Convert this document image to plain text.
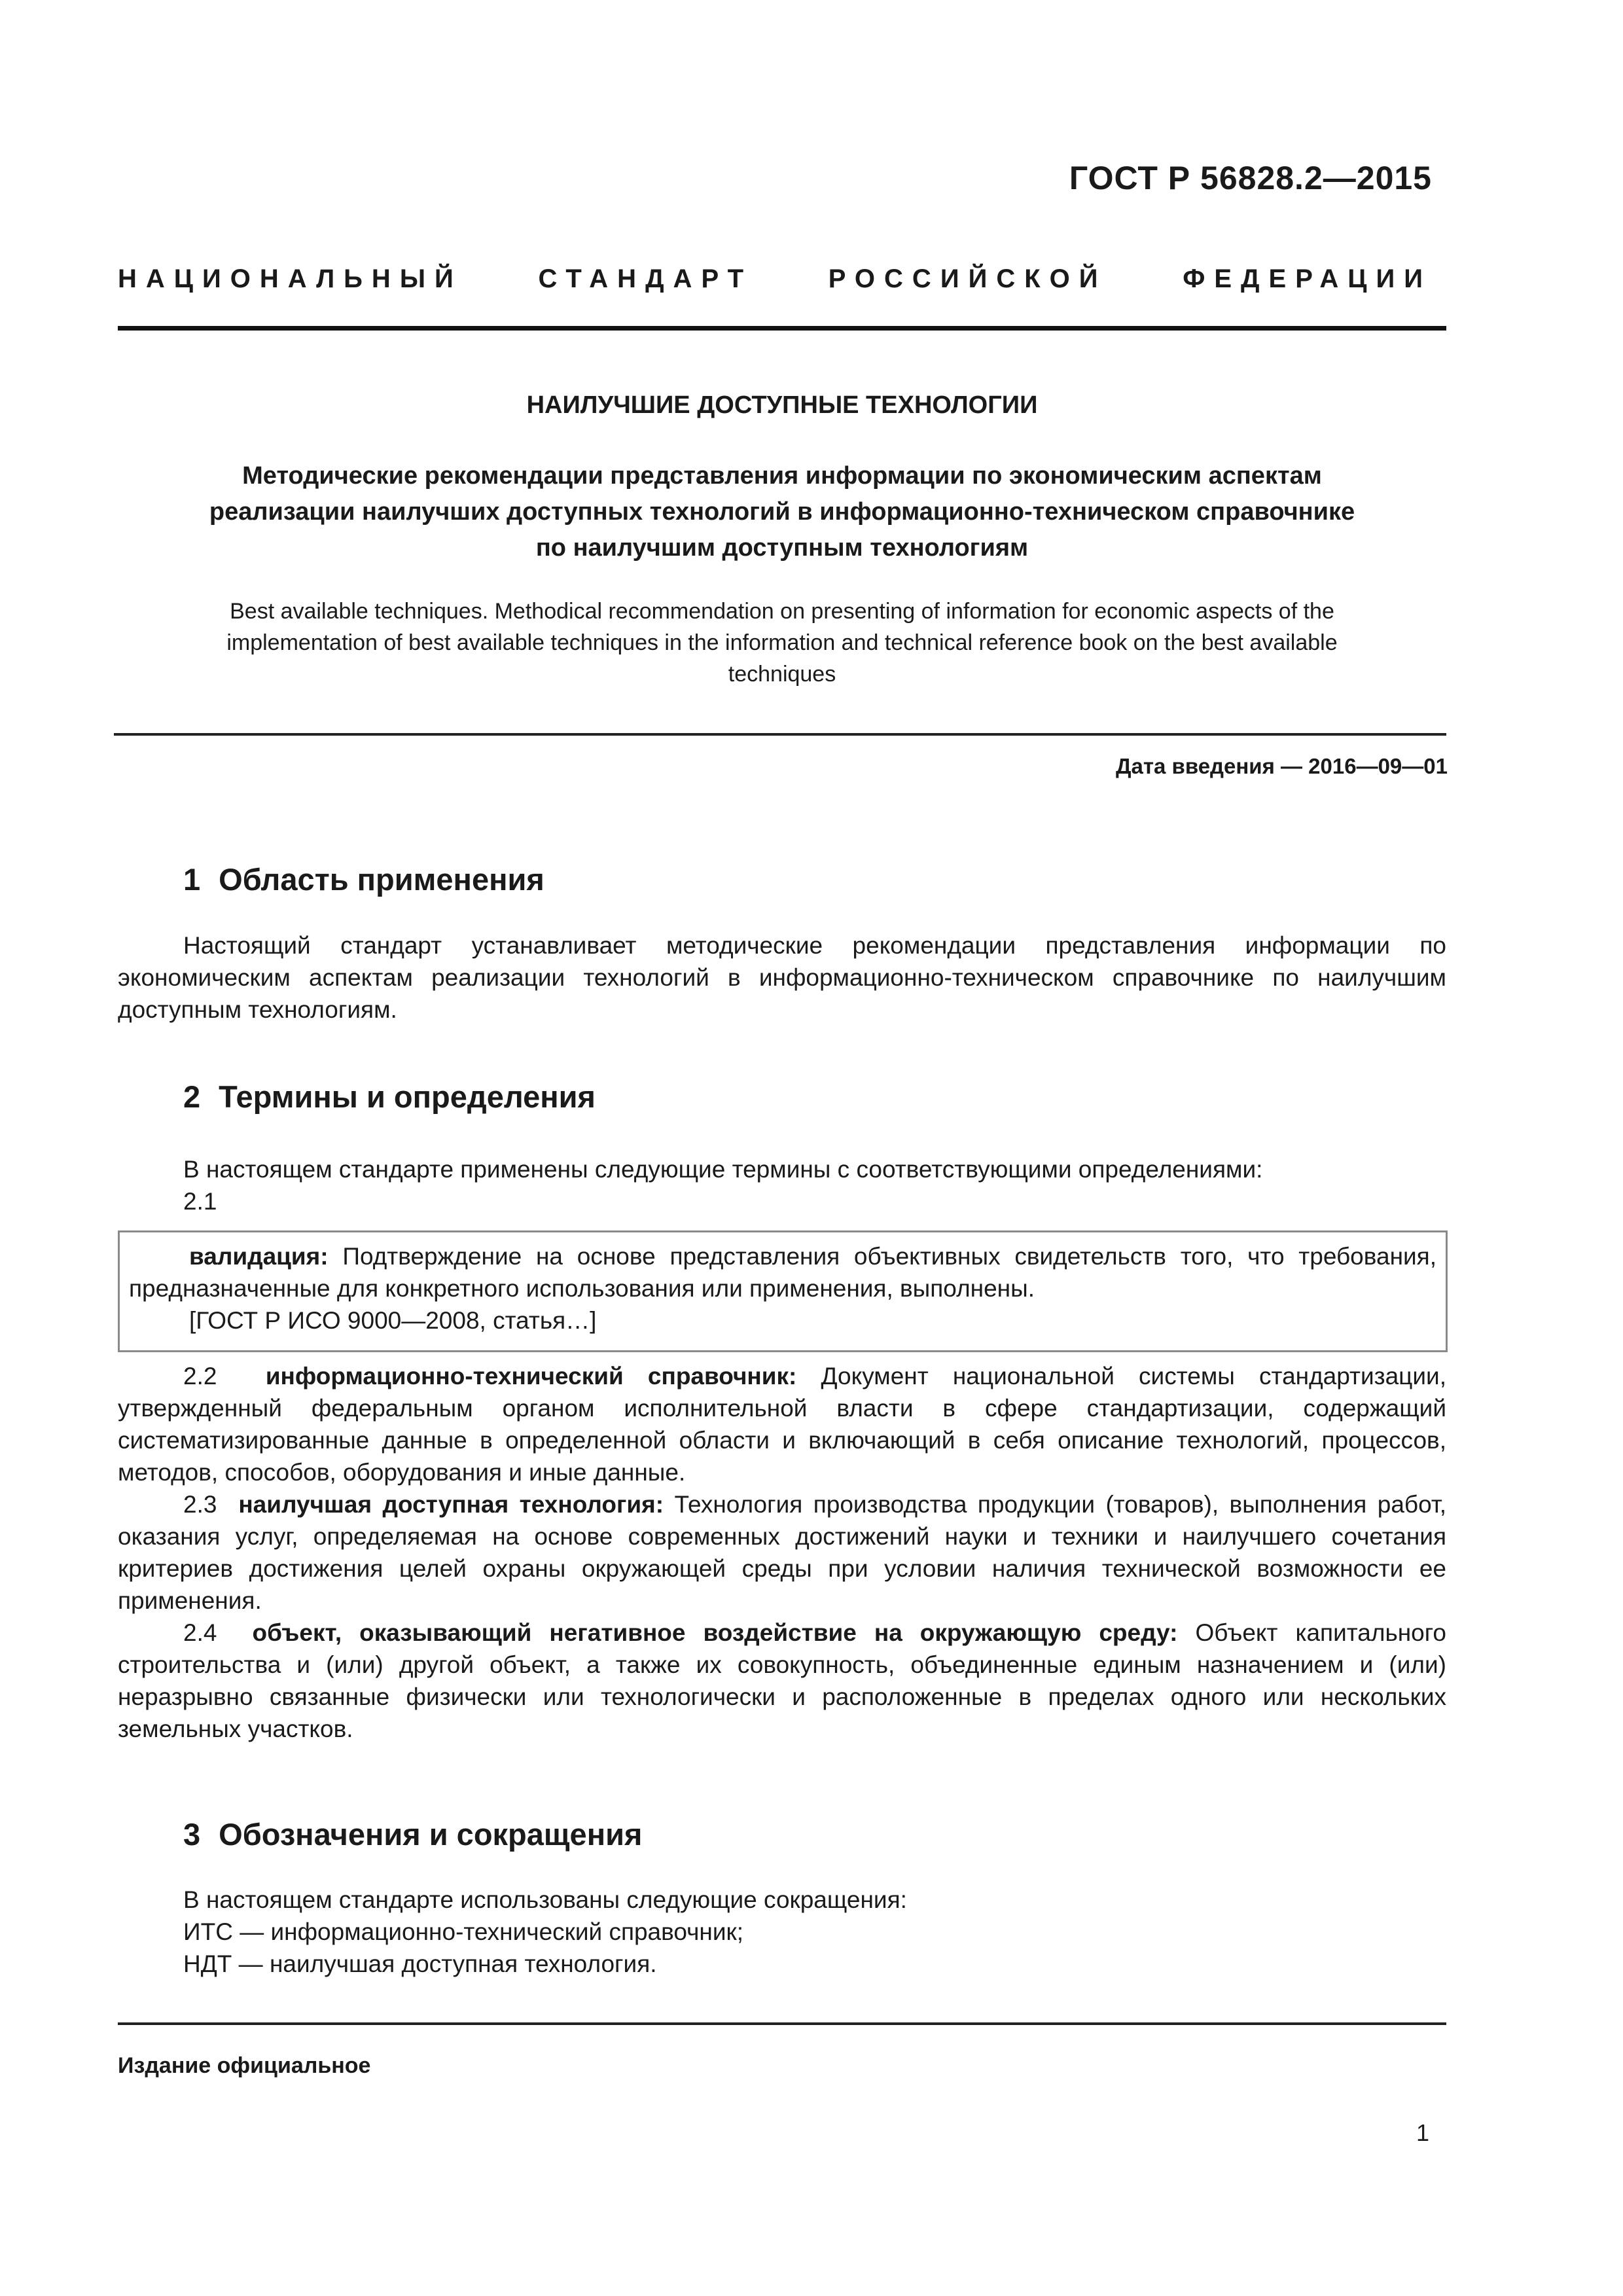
ГОСТ Р 56828.2—2015
НАЦИОНАЛЬНЫЙ	СТАНДАРТ	РОССИЙСКОЙ	ФЕДЕРАЦИИ
НАИЛУЧШИЕ ДОСТУПНЫЕ ТЕХНОЛОГИИ
Методические рекомендации представления информации по экономическим аспектам
реализации наилучших доступных технологий в информационно-техническом справочнике
по наилучшим доступным технологиям
Best available techniques. Methodical recommendation on presenting of information for economic aspects of the
implementation of best available techniques in the information and technical reference book on the best available
techniques
Дата введения — 2016—09—01
1 Область применения
Настоящий стандарт устанавливает методические рекомендации представления информации по экономическим аспектам реализации технологий в информационно-техническом справочнике по наилучшим доступным технологиям.
2 Термины и определения
В настоящем стандарте применены следующие термины с соответствующими определениями:
2.1
валидация: Подтверждение на основе представления объективных свидетельств того, что требования, предназначенные для конкретного использования или применения, выполнены.
[ГОСТ Р ИСО 9000—2008, статья…]
2.2 информационно-технический справочник: Документ национальной системы стандартизации, утвержденный федеральным органом исполнительной власти в сфере стандартизации, содержащий систематизированные данные в определенной области и включающий в себя описание технологий, процессов, методов, способов, оборудования и иные данные.
2.3 наилучшая доступная технология: Технология производства продукции (товаров), выполнения работ, оказания услуг, определяемая на основе современных достижений науки и техники и наилучшего сочетания критериев достижения целей охраны окружающей среды при условии наличия технической возможности ее применения.
2.4 объект, оказывающий негативное воздействие на окружающую среду: Объект капитального строительства и (или) другой объект, а также их совокупность, объединенные единым назначением и (или) неразрывно связанные физически или технологически и расположенные в пределах одного или нескольких земельных участков.
3 Обозначения и сокращения
В настоящем стандарте использованы следующие сокращения:
ИТС — информационно-технический справочник;
НДТ — наилучшая доступная технология.
Издание официальное
1
